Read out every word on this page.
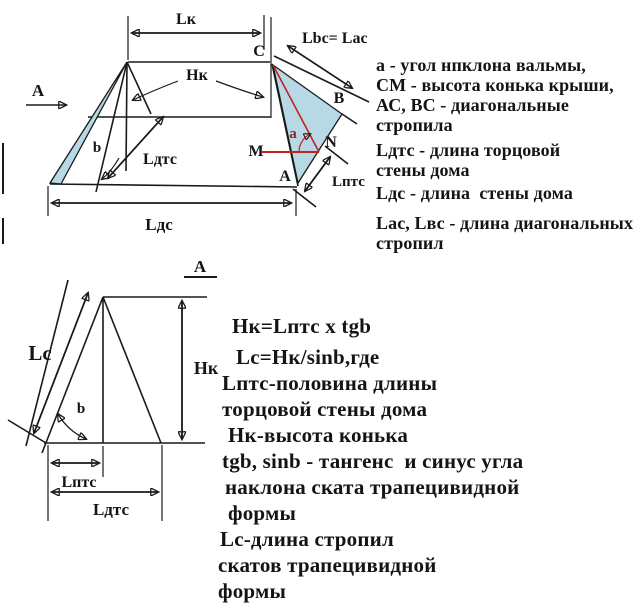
A
Lк
b
Lдтс
Нк
C
B
N
A
M
a
Lbc= Lac
Lптс
Lдс
A
Lc
b
Нк
Lптс
Lдтс
а - угол нпклона вальмы,
СМ - высота конька крыши,
АС, ВС - диагональные
стропила
Lдтс - длина торцовой
стены дома
Lдс - длина  стены дома
Lас, Lвс - длина диагональных
стропил
Нк=Lптс x tgb
Lc=Нк/sinb,где
Lптс-половина длины
торцовой стены дома
Нк-высота конька
tgb, sinb - тангенс  и синус угла
наклона ската трапецивидной
формы
Lc-длина стропил
скатов трапецивидной
формы
